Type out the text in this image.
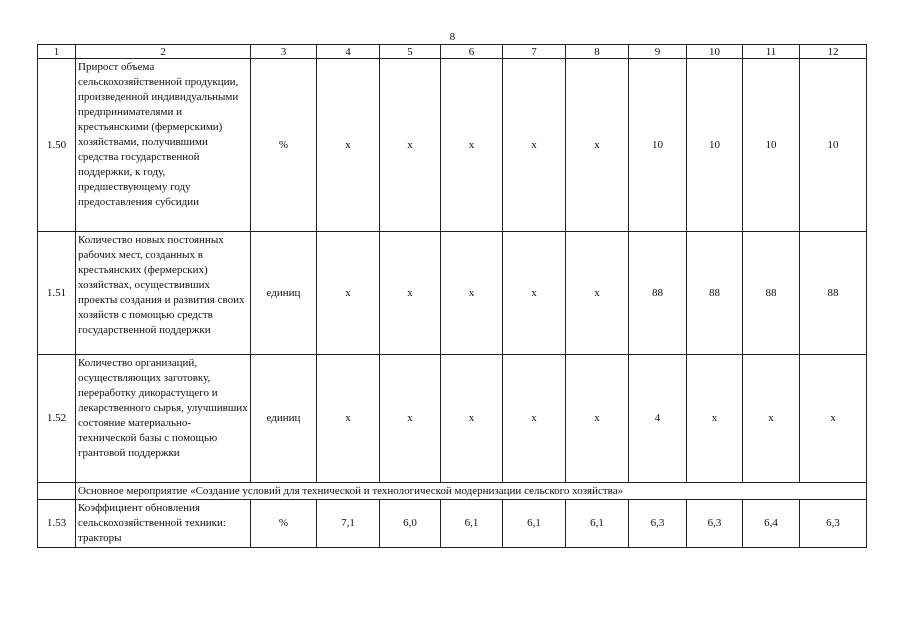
8
1	2	3	4	5	6	7	8	9	10	11	12
1.50	Прирост объема сельскохозяйственной продукции, произведенной индивидуальными предпринимателями и крестьянскими (фермерскими) хозяйствами, получившими средства государственной поддержки, к году, предшествующему году предоставления субсидии	%	х	х	х	х	х	10	10	10	10
1.51	Количество новых постоянных рабочих мест, созданных в крестьянских (фермерских) хозяйствах, осуществивших проекты создания и развития своих хозяйств с помощью средств государственной поддержки	единиц	х	х	х	х	х	88	88	88	88
1.52	Количество организаций, осуществляющих заготовку, переработку дикорастущего и лекарственного сырья, улучшивших состояние материально-технической базы с помощью грантовой поддержки	единиц	х	х	х	х	х	4	х	х	х
	Основное мероприятие «Создание условий для технической и технологической модернизации сельского хозяйства»										
1.53	Коэффициент обновления сельскохозяйственной техники: тракторы	%	7,1	6,0	6,1	6,1	6,1	6,3	6,3	6,4	6,3
